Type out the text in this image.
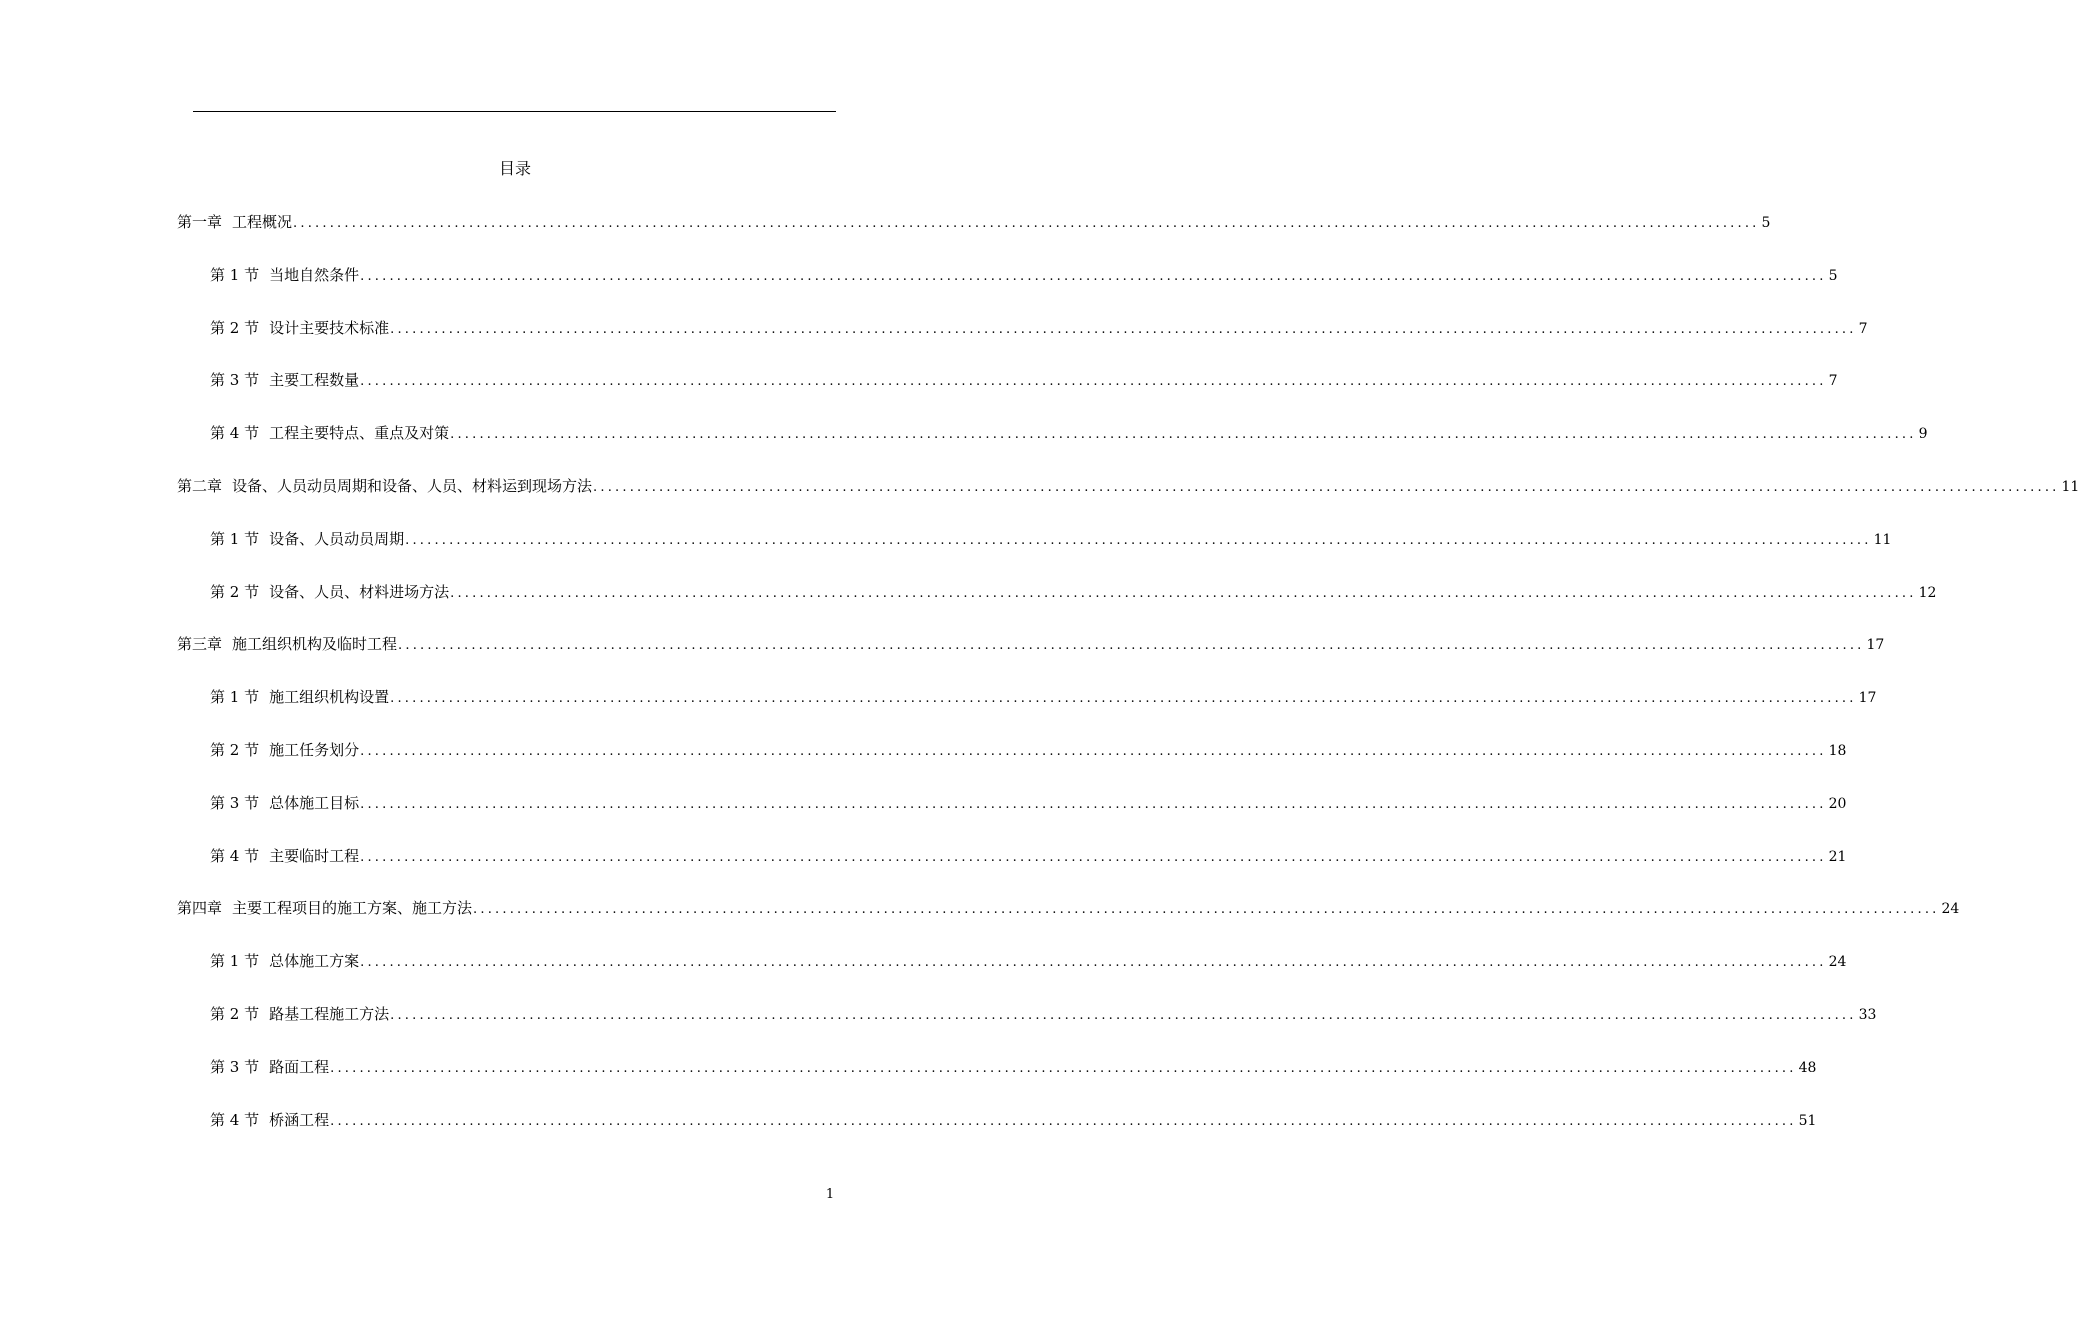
目录
第一章 工程概况 ........................................................................................................................................................................................................ 5
第 1 节 当地自然条件 ........................................................................................................................................................................................................ 5
第 2 节 设计主要技术标准 ........................................................................................................................................................................................................ 7
第 3 节 主要工程数量 ........................................................................................................................................................................................................ 7
第 4 节 工程主要特点、重点及对策 ........................................................................................................................................................................................................ 9
第二章 设备、人员动员周期和设备、人员、材料运到现场方法 ........................................................................................................................................................................................................ 11
第 1 节 设备、人员动员周期 ........................................................................................................................................................................................................ 11
第 2 节 设备、人员、材料进场方法 ........................................................................................................................................................................................................ 12
第三章 施工组织机构及临时工程 ........................................................................................................................................................................................................ 17
第 1 节 施工组织机构设置 ........................................................................................................................................................................................................ 17
第 2 节 施工任务划分 ........................................................................................................................................................................................................ 18
第 3 节 总体施工目标 ........................................................................................................................................................................................................ 20
第 4 节 主要临时工程 ........................................................................................................................................................................................................ 21
第四章 主要工程项目的施工方案、施工方法 ........................................................................................................................................................................................................ 24
第 1 节 总体施工方案 ........................................................................................................................................................................................................ 24
第 2 节 路基工程施工方法 ........................................................................................................................................................................................................ 33
第 3 节 路面工程 ........................................................................................................................................................................................................ 48
第 4 节 桥涵工程 ........................................................................................................................................................................................................ 51
1
